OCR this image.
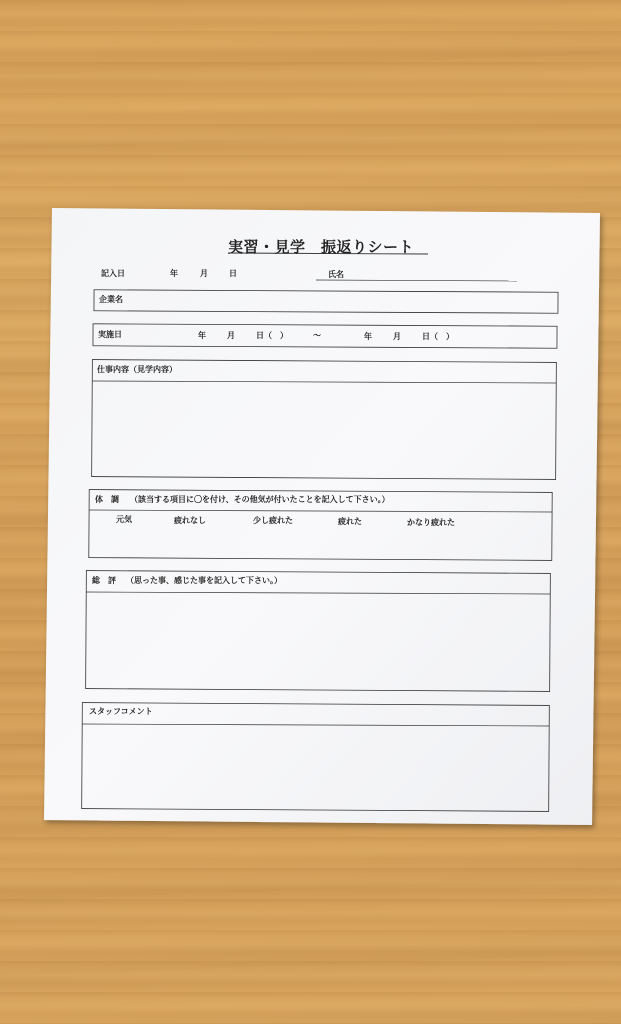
実習・見学　振返りシート
記入日	年	月	日	氏名
企業名
実施日	年	月	日（　）	～	年	月	日（　）
仕事内容（見学内容）
体　調 （該当する項目に〇を付け、その他気が付いたことを記入して下さい。）
元気	疲れなし	少し疲れた	疲れた	かなり疲れた
総　評 （思った事、感じた事を記入して下さい。）
スタッフコメント
